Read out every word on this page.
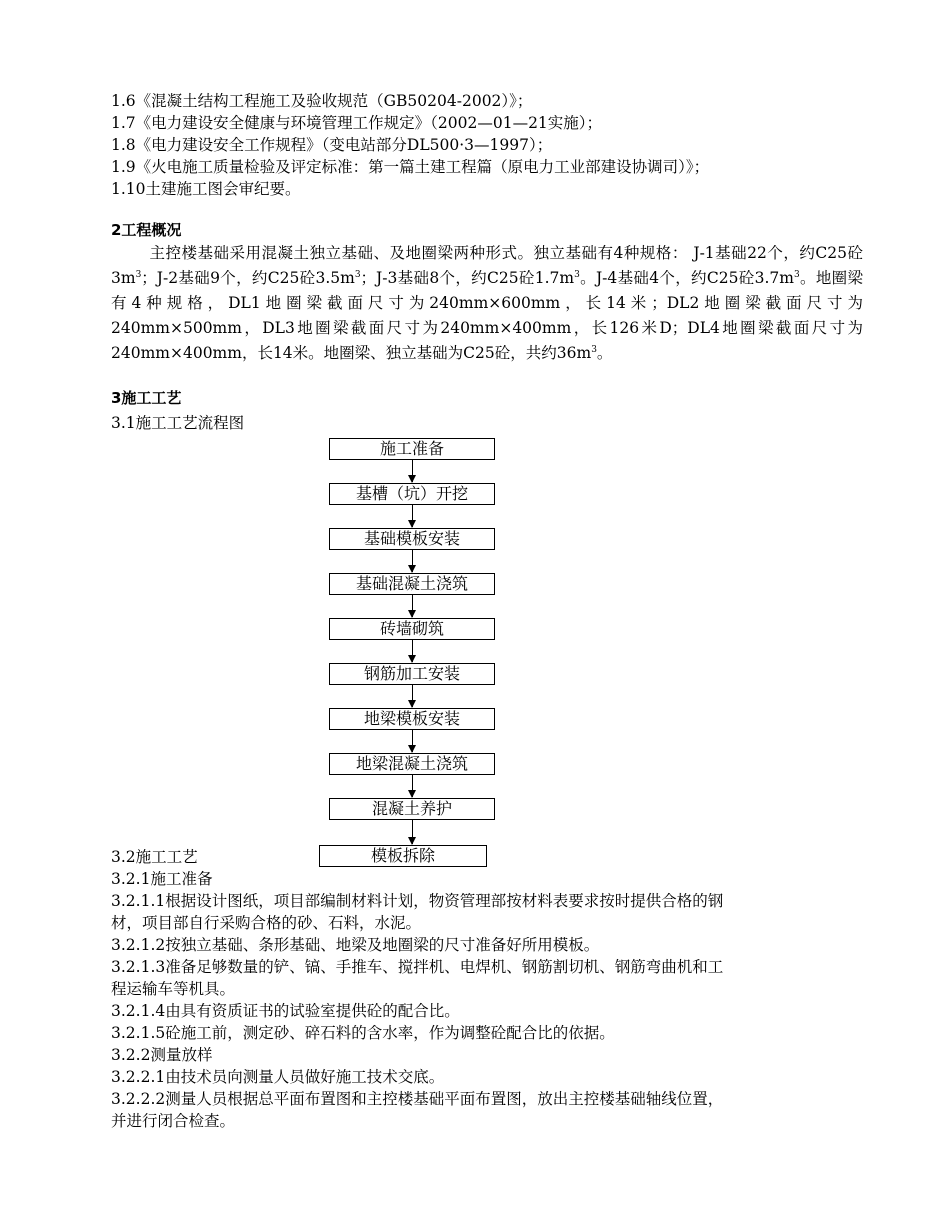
1.6《混凝土结构工程施工及验收规范（GB50204-2002）》；
1.7《电力建设安全健康与环境管理工作规定》（2002—01—21实施）；
1.8《电力建设安全工作规程》（变电站部分DL500·3—1997）；
1.9《火电施工质量检验及评定标准：第一篇土建工程篇（原电力工业部建设协调司）》；
1.10土建施工图会审纪要。
2工程概况
主控楼基础采用混凝土独立基础、及地圈梁两种形式。独立基础有4种规格： J-1基础22个，约C25砼$3m^3$；J-2基础9个，约C25砼$3.5m^3$；J-3基础8个，约C25砼$1.7m^3$。J-4基础4个，约C25砼$3.7m^3$。地圈梁有4种规格，DL1地圈梁截面尺寸为240mm×600mm，长14米；DL2地圈梁截面尺寸为240mm×500mm，DL3地圈梁截面尺寸为240mm×400mm，长126米D；DL4地圈梁截面尺寸为240mm×400mm，长14米。地圈梁、独立基础为C25砼，共约$36m^3$。
3施工工艺
3.1施工工艺流程图
施工准备
基槽（坑）开挖
基础模板安装
基础混凝土浇筑
砖墙砌筑
钢筋加工安装
地梁模板安装
地梁混凝土浇筑
混凝土养护
模板拆除
3.2施工工艺
3.2.1施工准备
3.2.1.1根据设计图纸，项目部编制材料计划，物资管理部按材料表要求按时提供合格的钢
材，项目部自行采购合格的砂、石料，水泥。
3.2.1.2按独立基础、条形基础、地梁及地圈梁的尺寸准备好所用模板。
3.2.1.3准备足够数量的铲、镐、手推车、搅拌机、电焊机、钢筋割切机、钢筋弯曲机和工
程运输车等机具。
3.2.1.4由具有资质证书的试验室提供砼的配合比。
3.2.1.5砼施工前，测定砂、碎石料的含水率，作为调整砼配合比的依据。
3.2.2测量放样
3.2.2.1由技术员向测量人员做好施工技术交底。
3.2.2.2测量人员根据总平面布置图和主控楼基础平面布置图，放出主控楼基础轴线位置，
并进行闭合检查。
